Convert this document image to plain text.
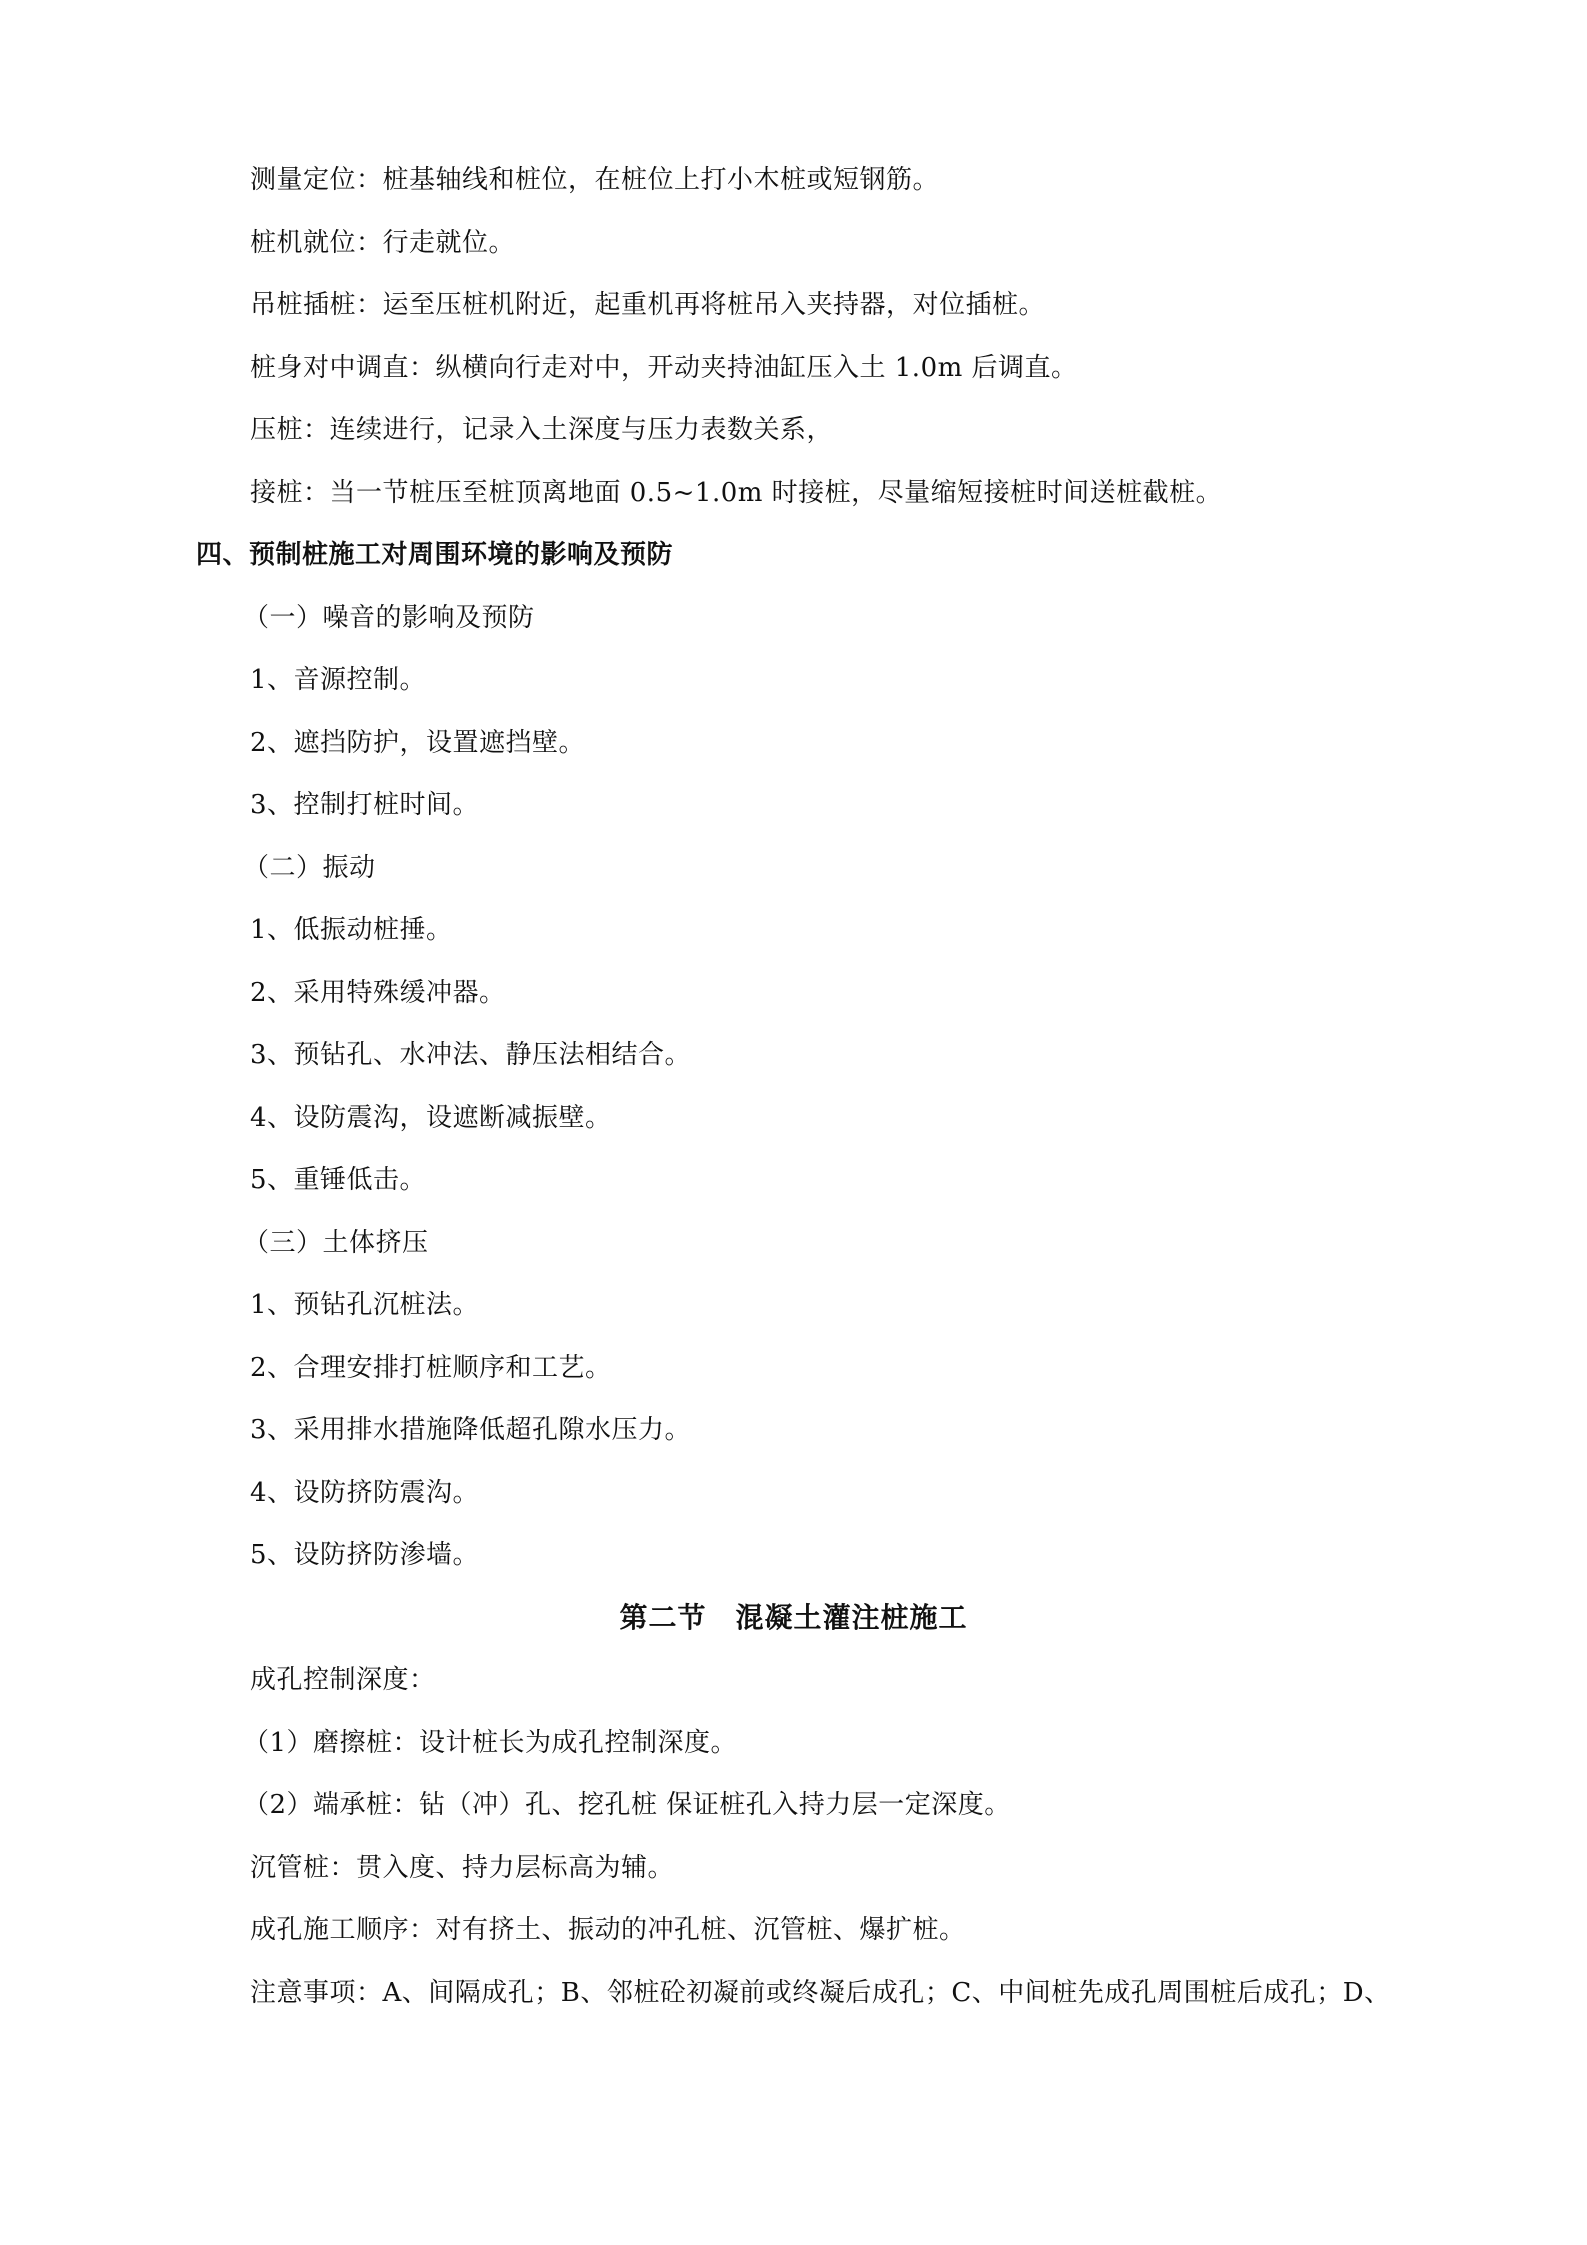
测量定位：桩基轴线和桩位，在桩位上打小木桩或短钢筋。
桩机就位：行走就位。
吊桩插桩：运至压桩机附近，起重机再将桩吊入夹持器，对位插桩。
桩身对中调直：纵横向行走对中，开动夹持油缸压入土 1.0m 后调直。
压桩：连续进行，记录入土深度与压力表数关系，
接桩：当一节桩压至桩顶离地面 0.5~1.0m 时接桩，尽量缩短接桩时间送桩截桩。
四、预制桩施工对周围环境的影响及预防
（一）噪音的影响及预防
1、音源控制。
2、遮挡防护，设置遮挡壁。
3、控制打桩时间。
（二）振动
1、低振动桩捶。
2、采用特殊缓冲器。
3、预钻孔、水冲法、静压法相结合。
4、设防震沟，设遮断减振壁。
5、重锤低击。
（三）土体挤压
1、预钻孔沉桩法。
2、合理安排打桩顺序和工艺。
3、采用排水措施降低超孔隙水压力。
4、设防挤防震沟。
5、设防挤防渗墙。
第二节　混凝土灌注桩施工
成孔控制深度：
（1）磨擦桩：设计桩长为成孔控制深度。
（2）端承桩：钻（冲）孔、挖孔桩 保证桩孔入持力层一定深度。
沉管桩：贯入度、持力层标高为辅。
成孔施工顺序：对有挤土、振动的冲孔桩、沉管桩、爆扩桩。
注意事项：A、间隔成孔；B、邻桩砼初凝前或终凝后成孔；C、中间桩先成孔周围桩后成孔；D、
